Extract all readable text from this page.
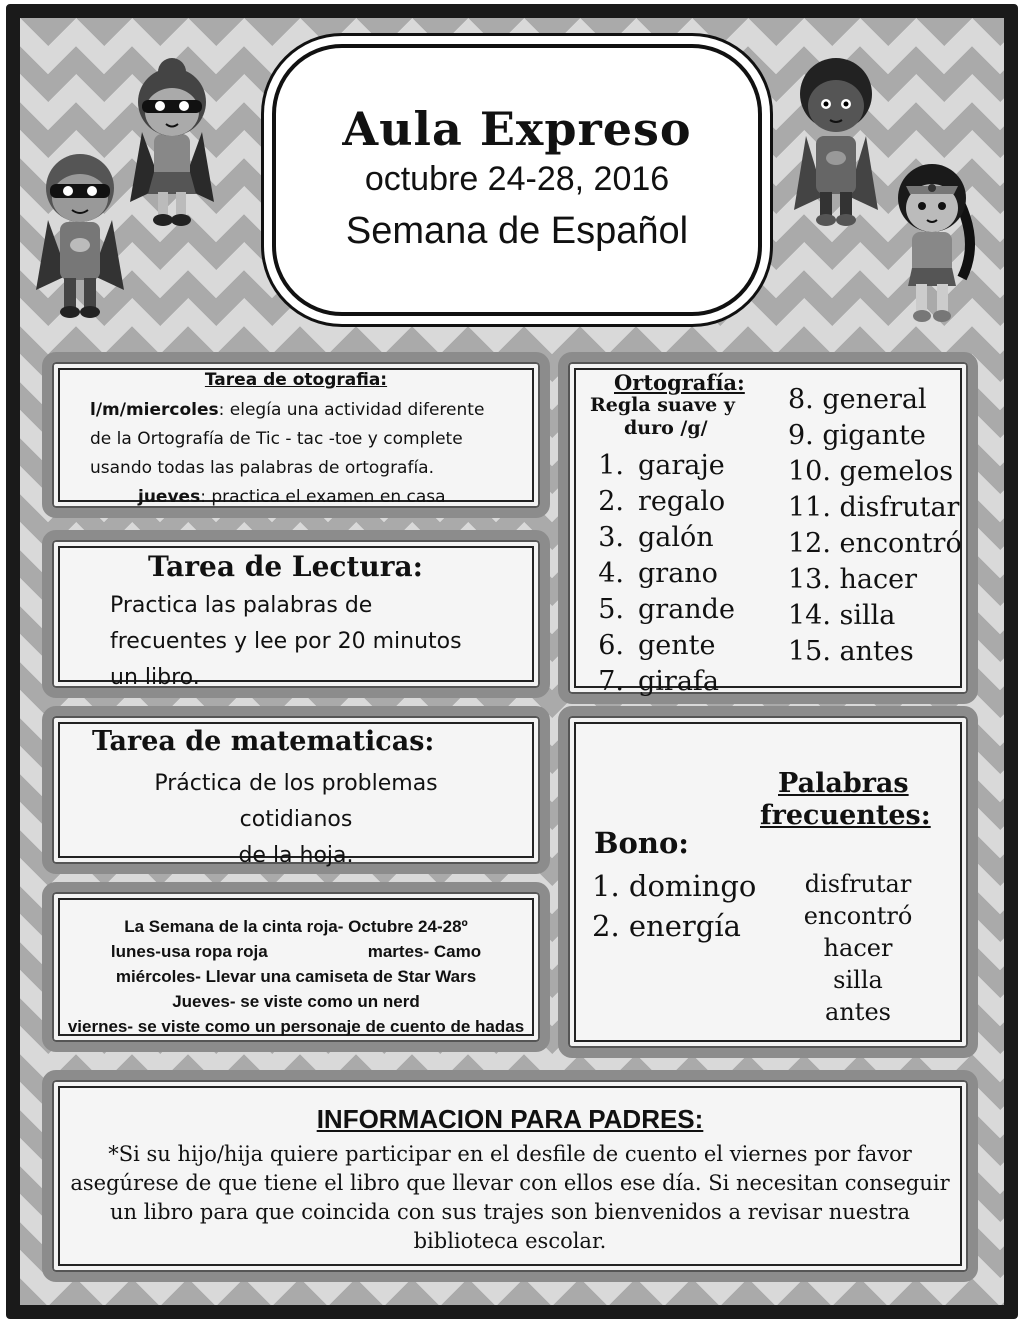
Aula Expreso
octubre 24-28, 2016
Semana de Español
Tarea de otografia:
l/m/miercoles: elegía una actividad diferente
de la Ortografía de Tic - tac -toe y complete
usando todas las palabras de ortografía.
jueves: practica el examen en casa
Tarea de Lectura:
Practica las palabras de
frecuentes y lee por 20 minutos
un libro.
Tarea de matematicas:
Práctica de los problemas
cotidianos
de la hoja.
La Semana de la cinta roja- Octubre 24-28º
lunes-usa ropa roja	martes- Camo
miércoles- Llevar una camiseta de Star Wars
Jueves- se viste como un nerd
viernes- se viste como un personaje de cuento de hadas
Ortografía:
Regla suave y
duro /g/
1. garaje
2. regalo
3. galón
4. grano
5. grande
6. gente
7. girafa
8. general
9. gigante
10. gemelos
11. disfrutar
12. encontró
13. hacer
14. silla
15. antes
Palabras
frecuentes:
Bono:
1. domingo
2. energía
disfrutar
encontró
hacer
silla
antes
INFORMACION PARA PADRES:
*Si su hijo/hija quiere participar en el desfile de cuento el viernes por favor
asegúrese de que tiene el libro que llevar con ellos ese día. Si necesitan conseguir
un libro para que coincida con sus trajes son bienvenidos a revisar nuestra
biblioteca escolar.
